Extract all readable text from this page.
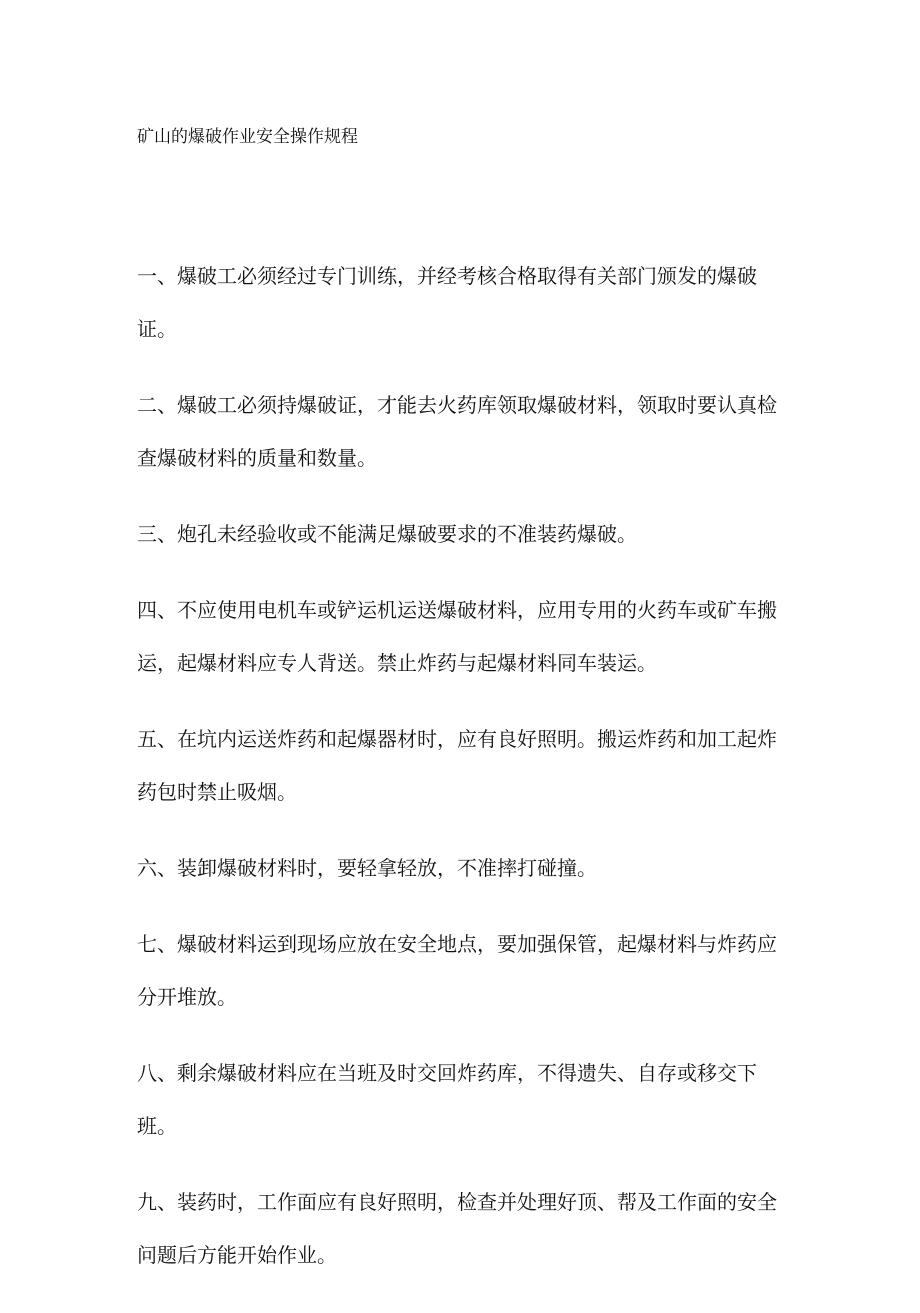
矿山的爆破作业安全操作规程

一、爆破工必须经过专门训练，并经考核合格取得有关部门颁发的爆破
证。

二、爆破工必须持爆破证，才能去火药库领取爆破材料，领取时要认真检
查爆破材料的质量和数量。

三、炮孔未经验收或不能满足爆破要求的不准装药爆破。

四、不应使用电机车或铲运机运送爆破材料，应用专用的火药车或矿车搬
运，起爆材料应专人背送。禁止炸药与起爆材料同车装运。

五、在坑内运送炸药和起爆器材时，应有良好照明。搬运炸药和加工起炸
药包时禁止吸烟。

六、装卸爆破材料时，要轻拿轻放，不准摔打碰撞。

七、爆破材料运到现场应放在安全地点，要加强保管，起爆材料与炸药应
分开堆放。

八、剩余爆破材料应在当班及时交回炸药库，不得遗失、自存或移交下
班。

九、装药时，工作面应有良好照明，检查并处理好顶、帮及工作面的安全
问题后方能开始作业。
